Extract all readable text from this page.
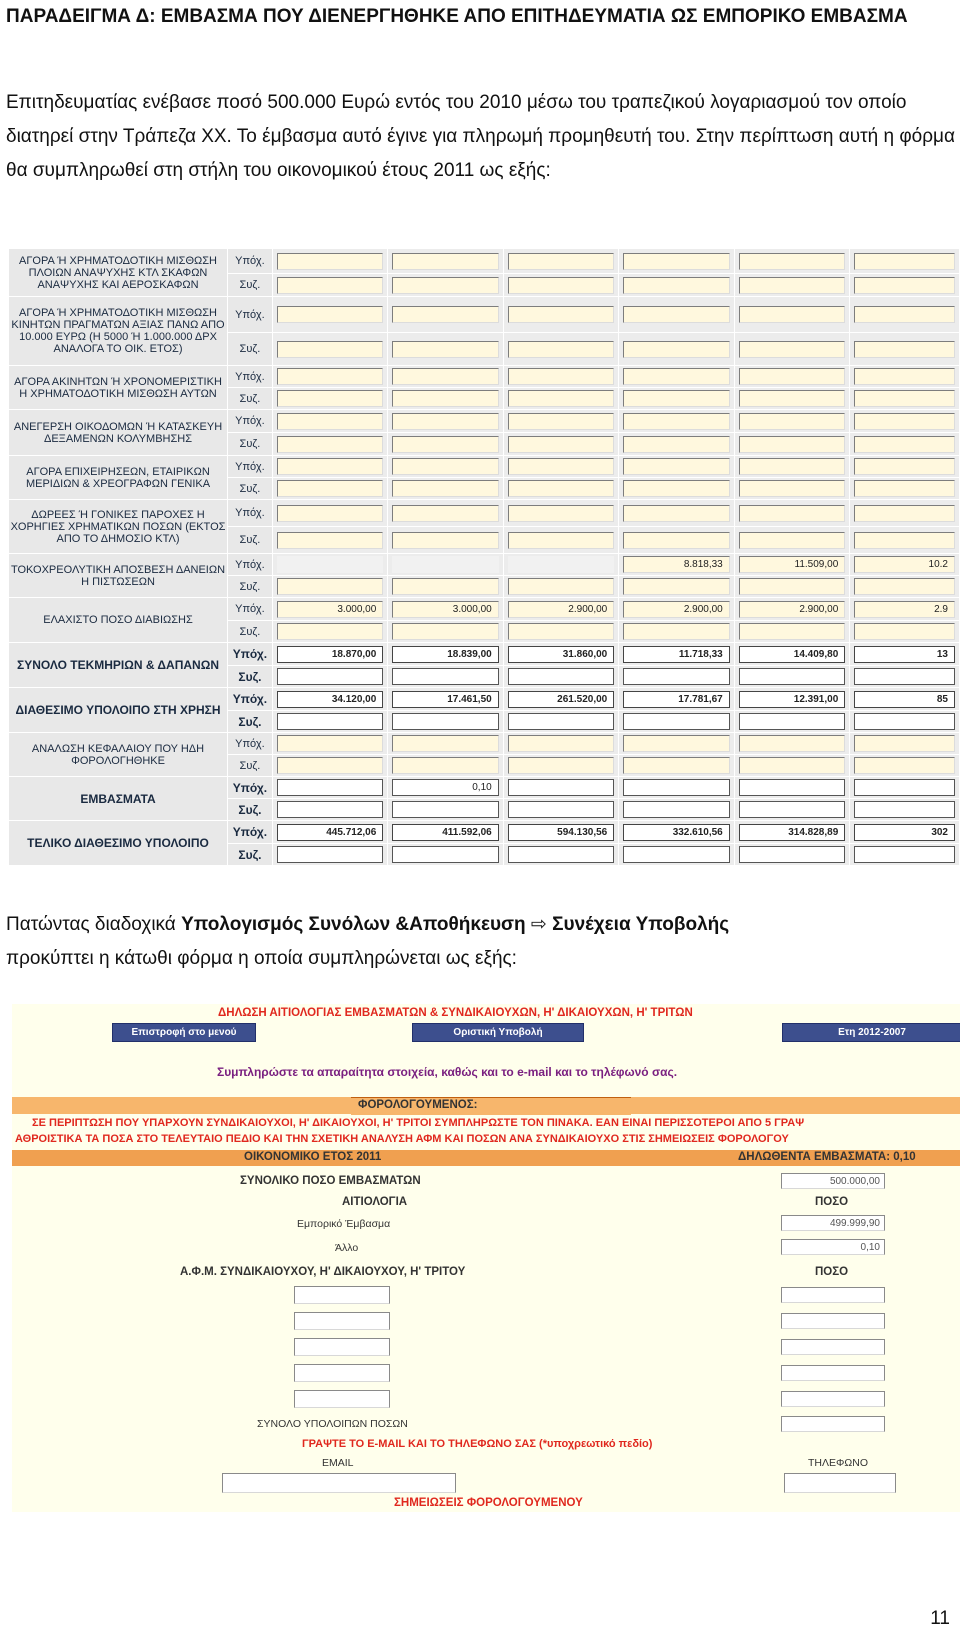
ΠΑΡΑΔΕΙΓΜΑ Δ: ΕΜΒΑΣΜΑ ΠΟΥ ΔΙΕΝΕΡΓΗΘΗΚΕ ΑΠΟ ΕΠΙΤΗΔΕΥΜΑΤΙΑ ΩΣ ΕΜΠΟΡΙΚΟ ΕΜΒΑΣΜΑ

Επιτηδευματίας ενέβασε ποσό 500.000 Ευρώ εντός του 2010 μέσω του τραπεζικού λογαριασμού τον οποίο διατηρεί στην Τράπεζα ΧΧ. Το έμβασμα αυτό έγινε για πληρωμή προμηθευτή του. Στην περίπτωση αυτή η φόρμα θα συμπληρωθεί στη στήλη του οικονομικού έτους 2011 ως εξής:

ΑΓΟΡΑ Ή ΧΡΗΜΑΤΟΔΟΤΙΚΗ ΜΙΣΘΩΣΗ ΠΛΟΙΩΝ ΑΝΑΨΥΧΗΣ ΚΤΛ ΣΚΑΦΩΝ ΑΝΑΨΥΧΗΣ ΚΑΙ ΑΕΡΟΣΚΑΦΩΝ	Υπόχ.	

	Συζ.	

ΑΓΟΡΑ Ή ΧΡΗΜΑΤΟΔΟΤΙΚΗ ΜΙΣΘΩΣΗ ΚΙΝΗΤΩΝ ΠΡΑΓΜΑΤΩΝ ΑΞΙΑΣ ΠΑΝΩ ΑΠΟ 10.000 ΕΥΡΩ (Η 5000 Ή 1.000.000 ΔΡΧ ΑΝΑΛΟΓΑ ΤΟ ΟΙΚ. ΕΤΟΣ)	Υπόχ.	

	Συζ.	

ΑΓΟΡΑ ΑΚΙΝΗΤΩΝ Ή ΧΡΟΝΟΜΕΡΙΣΤΙΚΗ Η ΧΡΗΜΑΤΟΔΟΤΙΚΗ ΜΙΣΘΩΣΗ ΑΥΤΩΝ	Υπόχ.	

	Συζ.	

ΑΝΕΓΕΡΣΗ ΟΙΚΟΔΟΜΩΝ Ή ΚΑΤΑΣΚΕΥΗ ΔΕΞΑΜΕΝΩΝ ΚΟΛΥΜΒΗΣΗΣ	Υπόχ.	

	Συζ.	

ΑΓΟΡΑ ΕΠΙΧΕΙΡΗΣΕΩΝ, ΕΤΑΙΡΙΚΩΝ ΜΕΡΙΔΙΩΝ & ΧΡΕΟΓΡΑΦΩΝ ΓΕΝΙΚΑ	Υπόχ.	

	Συζ.	

ΔΩΡΕΕΣ Ή ΓΟΝΙΚΕΣ ΠΑΡΟΧΕΣ Η ΧΟΡΗΓΙΕΣ ΧΡΗΜΑΤΙΚΩΝ ΠΟΣΩΝ (ΕΚΤΟΣ ΑΠΟ ΤΟ ΔΗΜΟΣΙΟ ΚΤΛ)	Υπόχ.	

	Συζ.	

ΤΟΚΟΧΡΕΟΛΥΤΙΚΗ ΑΠΟΣΒΕΣΗ ΔΑΝΕΙΩΝ Η ΠΙΣΤΩΣΕΩΝ	Υπόχ.				8.818,33	11.509,00	10.2

	Συζ.	

ΕΛΑΧΙΣΤΟ ΠΟΣΟ ΔΙΑΒΙΩΣΗΣ	Υπόχ.	3.000,00	3.000,00	2.900,00	2.900,00	2.900,00	2.9

	Συζ.	

ΣΥΝΟΛΟ ΤΕΚΜΗΡΙΩΝ & ΔΑΠΑΝΩΝ	Υπόχ.	18.870,00	18.839,00	31.860,00	11.718,33	14.409,80	13

	Συζ.	

ΔΙΑΘΕΣΙΜΟ ΥΠΟΛΟΙΠΟ ΣΤΗ ΧΡΗΣΗ	Υπόχ.	34.120,00	17.461,50	261.520,00	17.781,67	12.391,00	85

	Συζ.	

ΑΝΑΛΩΣΗ ΚΕΦΑΛΑΙΟΥ ΠΟΥ ΗΔΗ ΦΟΡΟΛΟΓΗΘΗΚΕ	Υπόχ.	

	Συζ.	

ΕΜΒΑΣΜΑΤΑ	Υπόχ.		0,10				

	Συζ.	

ΤΕΛΙΚΟ ΔΙΑΘΕΣΙΜΟ ΥΠΟΛΟΙΠΟ	Υπόχ.	445.712,06	411.592,06	594.130,56	332.610,56	314.828,89	302

	Συζ.	

Πατώντας διαδοχικά Υπολογισμός Συνόλων &Αποθήκευση ⇨ Συνέχεια Υποβολής
προκύπτει η κάτωθι φόρμα η οποία συμπληρώνεται ως εξής:

ΔΗΛΩΣΗ ΑΙΤΙΟΛΟΓΙΑΣ ΕΜΒΑΣΜΑΤΩΝ & ΣΥΝΔΙΚΑΙΟΥΧΩΝ, Η' ΔΙΚΑΙΟΥΧΩΝ, Η' ΤΡΙΤΩΝ
Επιστροφή στο μενού	Οριστική Υποβολή	Ετη 2012-2007
Συμπληρώστε τα απαραίτητα στοιχεία, καθώς και το e-mail και το τηλέφωνό σας.
ΦΟΡΟΛΟΓΟΥΜΕΝΟΣ:
ΣΕ ΠΕΡΙΠΤΩΣΗ ΠΟΥ ΥΠΑΡΧΟΥΝ ΣΥΝΔΙΚΑΙΟΥΧΟΙ, Η' ΔΙΚΑΙΟΥΧΟΙ, Η' ΤΡΙΤΟΙ ΣΥΜΠΛΗΡΩΣΤΕ ΤΟΝ ΠΙΝΑΚΑ. ΕΑΝ ΕΙΝΑΙ ΠΕΡΙΣΣΟΤΕΡΟΙ ΑΠΟ 5 ΓΡΑΨ
ΑΘΡΟΙΣΤΙΚΑ ΤΑ ΠΟΣΑ ΣΤΟ ΤΕΛΕΥΤΑΙΟ ΠΕΔΙΟ ΚΑΙ ΤΗΝ ΣΧΕΤΙΚΗ ΑΝΑΛΥΣΗ ΑΦΜ ΚΑΙ ΠΟΣΩΝ ΑΝΑ ΣΥΝΔΙΚΑΙΟΥΧΟ ΣΤΙΣ ΣΗΜΕΙΩΣΕΙΣ ΦΟΡΟΛΟΓΟΥ
ΟΙΚΟΝΟΜΙΚΟ ΕΤΟΣ 2011	ΔΗΛΩΘΕΝΤΑ ΕΜΒΑΣΜΑΤΑ: 0,10
ΣΥΝΟΛΙΚΟ ΠΟΣΟ ΕΜΒΑΣΜΑΤΩΝ	500.000,00
ΑΙΤΙΟΛΟΓΙΑ	ΠΟΣΟ
Εμπορικό Έμβασμα	499.999,90
Άλλο	0,10
Α.Φ.Μ. ΣΥΝΔΙΚΑΙΟΥΧΟΥ, Η' ΔΙΚΑΙΟΥΧΟΥ, Η' ΤΡΙΤΟΥ	ΠΟΣΟ
ΣΥΝΟΛΟ ΥΠΟΛΟΙΠΩΝ ΠΟΣΩΝ
ΓΡΑΨΤΕ ΤΟ E-MAIL ΚΑΙ ΤΟ ΤΗΛΕΦΩΝΟ ΣΑΣ (*υποχρεωτικό πεδίο)
EMAIL	ΤΗΛΕΦΩΝΟ
ΣΗΜΕΙΩΣΕΙΣ ΦΟΡΟΛΟΓΟΥΜΕΝΟΥ
11
